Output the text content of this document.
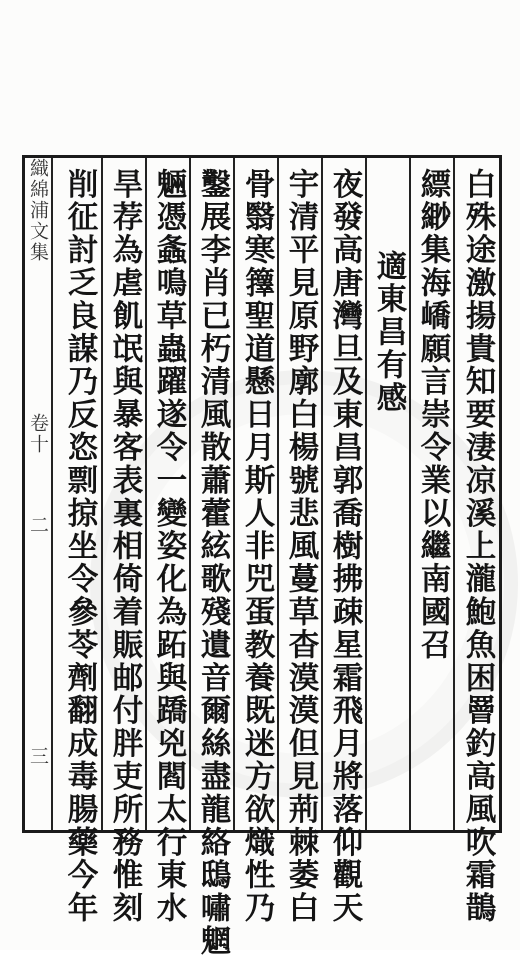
織綿浦文集卷十二三	白殊途激揚貴知要淒凉溪上瀧鮑魚困罾釣高風吹霜鵲
縹緲集海嶠願言崇令業以繼南國召
適東昌有感
夜發高唐灣旦及東昌郭喬樹拂疎星霜飛月將落仰觀天
宇清平見原野廓白楊號悲風蔓草杳漠漠但見荊棘萎白
骨翳寒籜聖道懸日月斯人非兕蛋教養既迷方欲熾性乃
鑿展李肖已朽清風散蕭藿絃歌殘遺音爾絲盡龍絡鴟嘯魍
魎憑螽鳴草蟲躍遂令一變姿化為跖與蹻兇閻太行東水
旱荐為虐飢氓與暴客表裏相倚着賑邮付胖吏所務惟刻
削征討乏良謀乃反恣剽掠坐令參苓劑翻成毒腸藥今年
